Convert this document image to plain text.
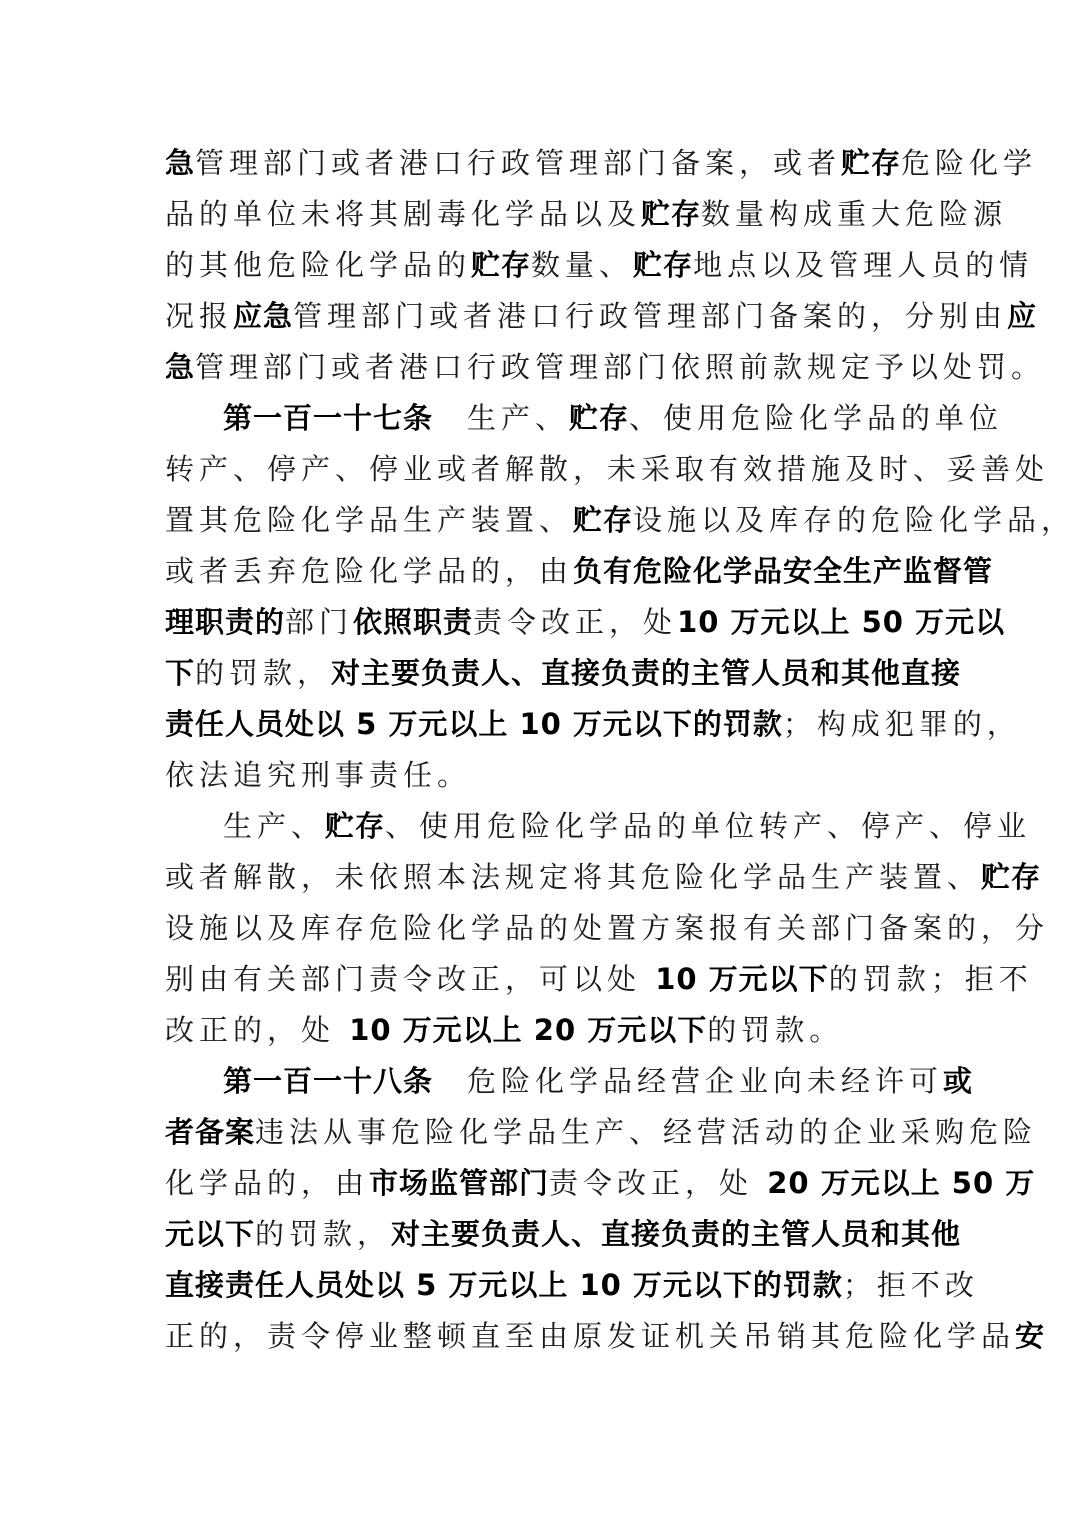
急管理部门或者港口行政管理部门备案，或者贮存危险化学
品的单位未将其剧毒化学品以及贮存数量构成重大危险源
的其他危险化学品的贮存数量、贮存地点以及管理人员的情
况报应急管理部门或者港口行政管理部门备案的，分别由应
急管理部门或者港口行政管理部门依照前款规定予以处罚。
第一百一十七条　生产、贮存、使用危险化学品的单位
转产、停产、停业或者解散，未采取有效措施及时、妥善处
置其危险化学品生产装置、贮存设施以及库存的危险化学品，
或者丢弃危险化学品的，由负有危险化学品安全生产监督管
理职责的部门依照职责责令改正，处10 万元以上 50 万元以
下的罚款，对主要负责人、直接负责的主管人员和其他直接
责任人员处以 5 万元以上 10 万元以下的罚款；构成犯罪的，
依法追究刑事责任。
生产、贮存、使用危险化学品的单位转产、停产、停业
或者解散，未依照本法规定将其危险化学品生产装置、贮存
设施以及库存危险化学品的处置方案报有关部门备案的，分
别由有关部门责令改正，可以处 10 万元以下的罚款；拒不
改正的，处 10 万元以上 20 万元以下的罚款。
第一百一十八条　危险化学品经营企业向未经许可或
者备案违法从事危险化学品生产、经营活动的企业采购危险
化学品的，由市场监管部门责令改正，处 20 万元以上 50 万
元以下的罚款，对主要负责人、直接负责的主管人员和其他
直接责任人员处以 5 万元以上 10 万元以下的罚款；拒不改
正的，责令停业整顿直至由原发证机关吊销其危险化学品安
